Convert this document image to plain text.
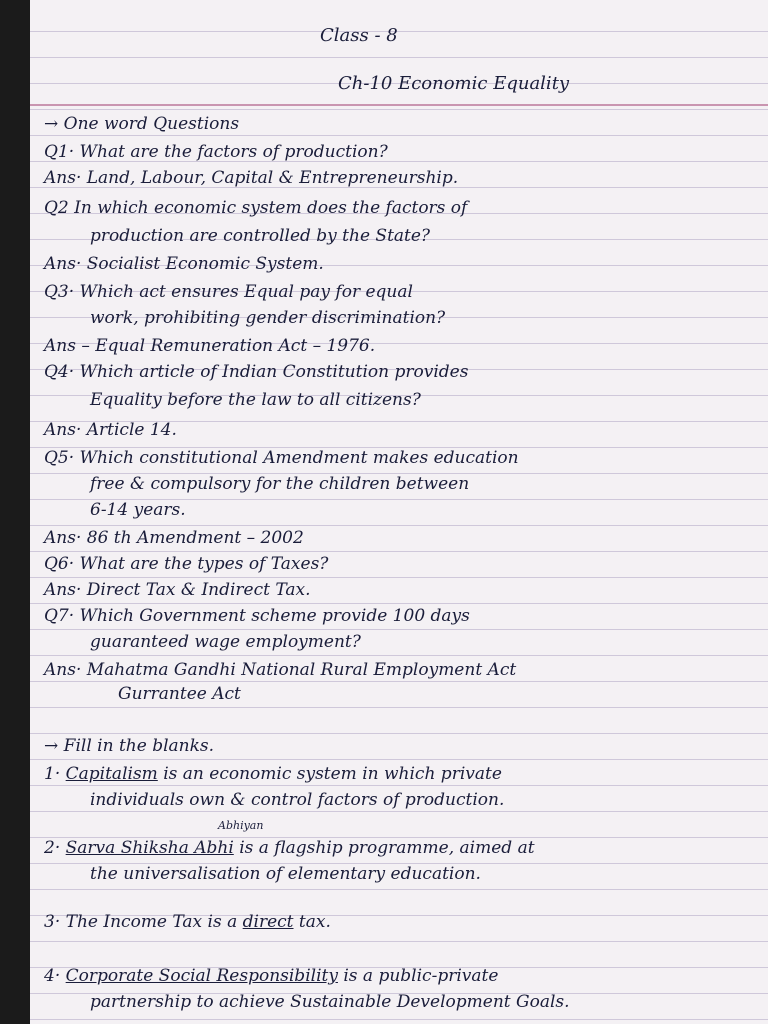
Class - 8
Ch-10 Economic Equality
→ One word Questions
Q1· What are the factors of production?
Ans· Land, Labour, Capital & Entrepreneurship.
Q2 In which economic system does the factors of
production are controlled by the State?
Ans· Socialist Economic System.
Q3· Which act ensures Equal pay for equal
work, prohibiting gender discrimination?
Ans – Equal Remuneration Act – 1976.
Q4· Which article of Indian Constitution provides
Equality before the law to all citizens?
Ans· Article 14.
Q5· Which constitutional Amendment makes education
free & compulsory for the children between
6-14 years.
Ans· 86 th Amendment – 2002
Q6· What are the types of Taxes?
Ans· Direct Tax & Indirect Tax.
Q7· Which Government scheme provide 100 days
guaranteed wage employment?
Ans· Mahatma Gandhi National Rural Employment Act
Gurrantee Act
→ Fill in the blanks.
1· Capitalism is an economic system in which private
individuals own & control factors of production.
Abhiyan
2· Sarva Shiksha Abhi is a flagship programme, aimed at
the universalisation of elementary education.
3· The Income Tax is a direct tax.
4· Corporate Social Responsibility is a public-private
partnership to achieve Sustainable Development Goals.
